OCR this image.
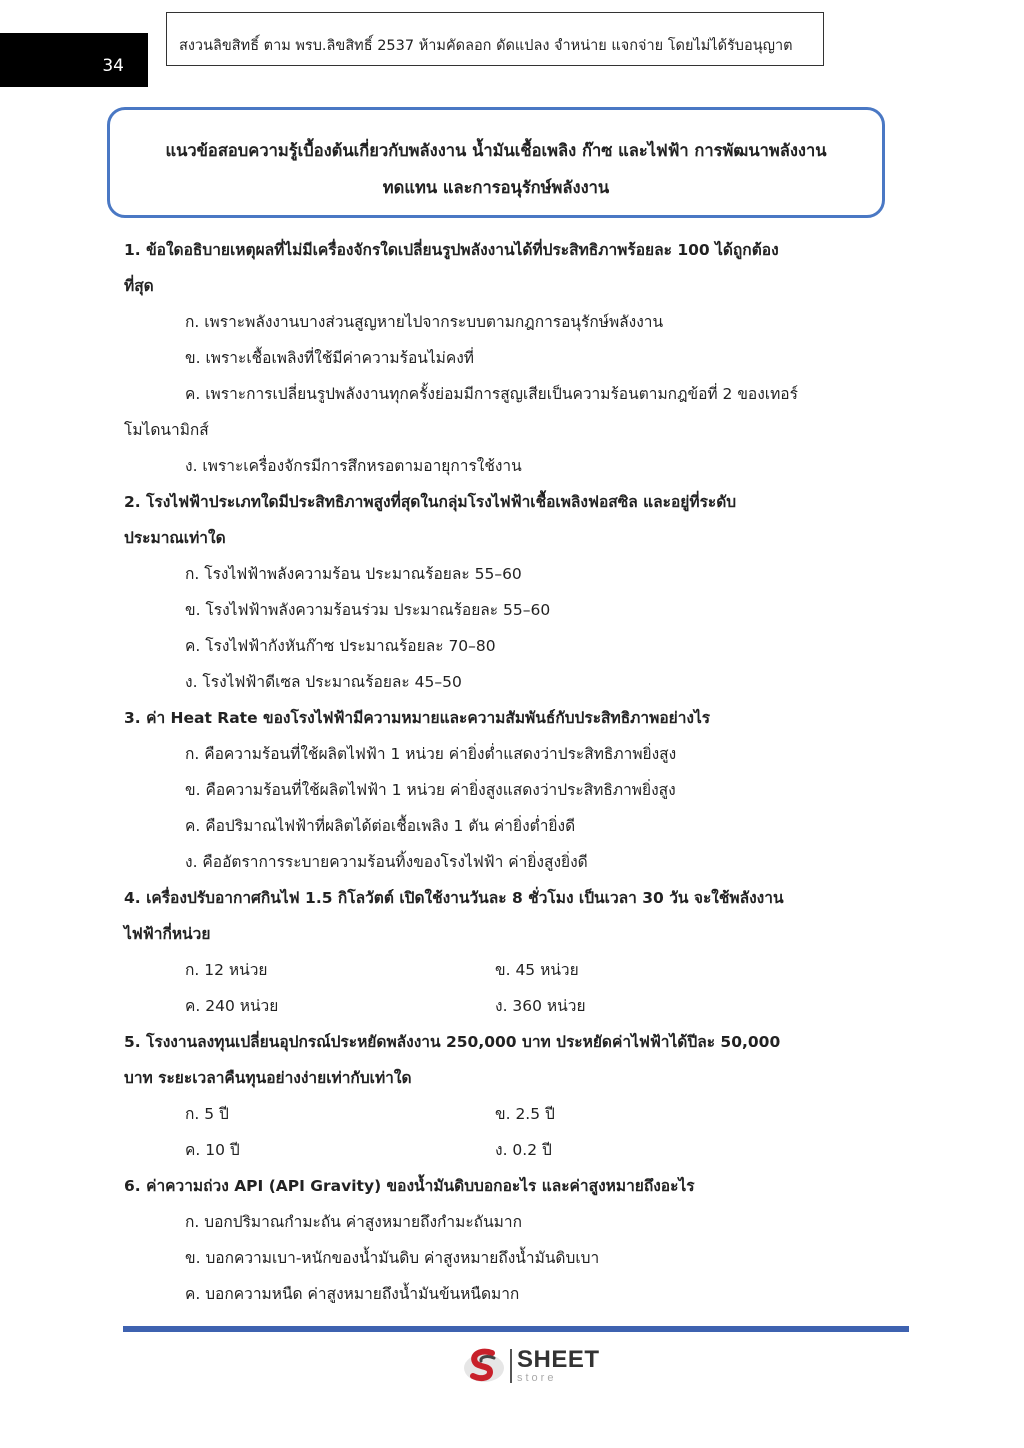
34
สงวนลิขสิทธิ์ ตาม พรบ.ลิขสิทธิ์ 2537 ห้ามคัดลอก ดัดแปลง จำหน่าย แจกจ่าย โดยไม่ได้รับอนุญาต
แนวข้อสอบความรู้เบื้องต้นเกี่ยวกับพลังงาน น้ำมันเชื้อเพลิง ก๊าซ และไฟฟ้า การพัฒนาพลังงาน
ทดแทน และการอนุรักษ์พลังงาน
1. ข้อใดอธิบายเหตุผลที่ไม่มีเครื่องจักรใดเปลี่ยนรูปพลังงานได้ที่ประสิทธิภาพร้อยละ 100 ได้ถูกต้อง
ที่สุด
ก. เพราะพลังงานบางส่วนสูญหายไปจากระบบตามกฎการอนุรักษ์พลังงาน
ข. เพราะเชื้อเพลิงที่ใช้มีค่าความร้อนไม่คงที่
ค. เพราะการเปลี่ยนรูปพลังงานทุกครั้งย่อมมีการสูญเสียเป็นความร้อนตามกฎข้อที่ 2 ของเทอร์
โมไดนามิกส์
ง. เพราะเครื่องจักรมีการสึกหรอตามอายุการใช้งาน
2. โรงไฟฟ้าประเภทใดมีประสิทธิภาพสูงที่สุดในกลุ่มโรงไฟฟ้าเชื้อเพลิงฟอสซิล และอยู่ที่ระดับ
ประมาณเท่าใด
ก. โรงไฟฟ้าพลังความร้อน ประมาณร้อยละ 55–60
ข. โรงไฟฟ้าพลังความร้อนร่วม ประมาณร้อยละ 55–60
ค. โรงไฟฟ้ากังหันก๊าซ ประมาณร้อยละ 70–80
ง. โรงไฟฟ้าดีเซล ประมาณร้อยละ 45–50
3. ค่า Heat Rate ของโรงไฟฟ้ามีความหมายและความสัมพันธ์กับประสิทธิภาพอย่างไร
ก. คือความร้อนที่ใช้ผลิตไฟฟ้า 1 หน่วย ค่ายิ่งต่ำแสดงว่าประสิทธิภาพยิ่งสูง
ข. คือความร้อนที่ใช้ผลิตไฟฟ้า 1 หน่วย ค่ายิ่งสูงแสดงว่าประสิทธิภาพยิ่งสูง
ค. คือปริมาณไฟฟ้าที่ผลิตได้ต่อเชื้อเพลิง 1 ตัน ค่ายิ่งต่ำยิ่งดี
ง. คืออัตราการระบายความร้อนทิ้งของโรงไฟฟ้า ค่ายิ่งสูงยิ่งดี
4. เครื่องปรับอากาศกินไฟ 1.5 กิโลวัตต์ เปิดใช้งานวันละ 8 ชั่วโมง เป็นเวลา 30 วัน จะใช้พลังงาน
ไฟฟ้ากี่หน่วย
ก. 12 หน่วย	ข. 45 หน่วย
ค. 240 หน่วย	ง. 360 หน่วย
5. โรงงานลงทุนเปลี่ยนอุปกรณ์ประหยัดพลังงาน 250,000 บาท ประหยัดค่าไฟฟ้าได้ปีละ 50,000
บาท ระยะเวลาคืนทุนอย่างง่ายเท่ากับเท่าใด
ก. 5 ปี	ข. 2.5 ปี
ค. 10 ปี	ง. 0.2 ปี
6. ค่าความถ่วง API (API Gravity) ของน้ำมันดิบบอกอะไร และค่าสูงหมายถึงอะไร
ก. บอกปริมาณกำมะถัน ค่าสูงหมายถึงกำมะถันมาก
ข. บอกความเบา-หนักของน้ำมันดิบ ค่าสูงหมายถึงน้ำมันดิบเบา
ค. บอกความหนืด ค่าสูงหมายถึงน้ำมันข้นหนืดมาก
SHEET
store
